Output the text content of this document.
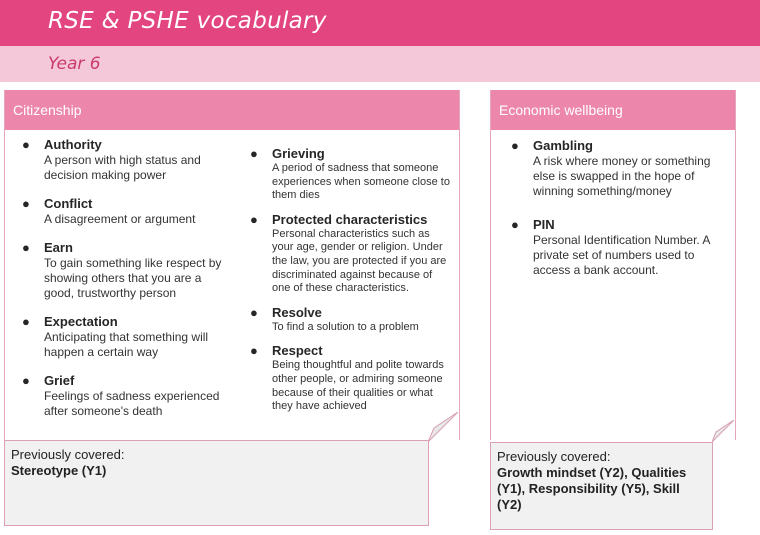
RSE & PSHE vocabulary
Year 6
Citizenship
● Authority
A person with high status and decision making power
● Conflict
A disagreement or argument
● Earn
To gain something like respect by showing others that you are a good, trustworthy person
● Expectation
Anticipating that something will happen a certain way
● Grief
Feelings of sadness experienced after someone's death
● Grieving
A period of sadness that someone experiences when someone close to them dies
● Protected characteristics
Personal characteristics such as your age, gender or religion. Under the law, you are protected if you are discriminated against because of one of these characteristics.
● Resolve
To find a solution to a problem
● Respect
Being thoughtful and polite towards other people, or admiring someone because of their qualities or what they have achieved
Previously covered:
Stereotype (Y1)
Economic wellbeing
● Gambling
A risk where money or something else is swapped in the hope of winning something/money
● PIN
Personal Identification Number. A private set of numbers used to access a bank account.
Previously covered:
Growth mindset (Y2), Qualities (Y1), Responsibility (Y5), Skill (Y2)
